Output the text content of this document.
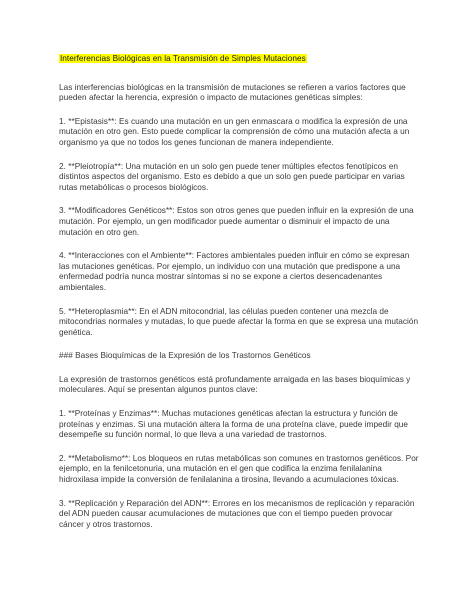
Interferencias Biológicas en la Transmisión de Simples Mutaciones

Las interferencias biológicas en la transmisión de mutaciones se refieren a varios factores que pueden afectar la herencia, expresión o impacto de mutaciones genéticas simples:

1. **Epistasis**: Es cuando una mutación en un gen enmascara o modifica la expresión de una mutación en otro gen. Esto puede complicar la comprensión de cómo una mutación afecta a un organismo ya que no todos los genes funcionan de manera independiente.

2. **Pleiotropía**: Una mutación en un solo gen puede tener múltiples efectos fenotípicos en distintos aspectos del organismo. Esto es debido a que un solo gen puede participar en varias rutas metabólicas o procesos biológicos.

3. **Modificadores Genéticos**: Estos son otros genes que pueden influir en la expresión de una mutación. Por ejemplo, un gen modificador puede aumentar o disminuir el impacto de una mutación en otro gen.

4. **Interacciones con el Ambiente**: Factores ambientales pueden influir en cómo se expresan las mutaciones genéticas. Por ejemplo, un individuo con una mutación que predispone a una enfermedad podría nunca mostrar síntomas si no se expone a ciertos desencadenantes ambientales.

5. **Heteroplasmia**: En el ADN mitocondrial, las células pueden contener una mezcla de mitocondrias normales y mutadas, lo que puede afectar la forma en que se expresa una mutación genética.

### Bases Bioquímicas de la Expresión de los Trastornos Genéticos

La expresión de trastornos genéticos está profundamente arraigada en las bases bioquímicas y moleculares. Aquí se presentan algunos puntos clave:

1. **Proteínas y Enzimas**: Muchas mutaciones genéticas afectan la estructura y función de proteínas y enzimas. Si una mutación altera la forma de una proteína clave, puede impedir que desempeñe su función normal, lo que lleva a una variedad de trastornos.

2. **Metabolismo**: Los bloqueos en rutas metabólicas son comunes en trastornos genéticos. Por ejemplo, en la fenilcetonuria, una mutación en el gen que codifica la enzima fenilalanina hidroxilasa impide la conversión de fenilalanina a tirosina, llevando a acumulaciones tóxicas.

3. **Replicación y Reparación del ADN**: Errores en los mecanismos de replicación y reparación del ADN pueden causar acumulaciones de mutaciones que con el tiempo pueden provocar cáncer y otros trastornos.
